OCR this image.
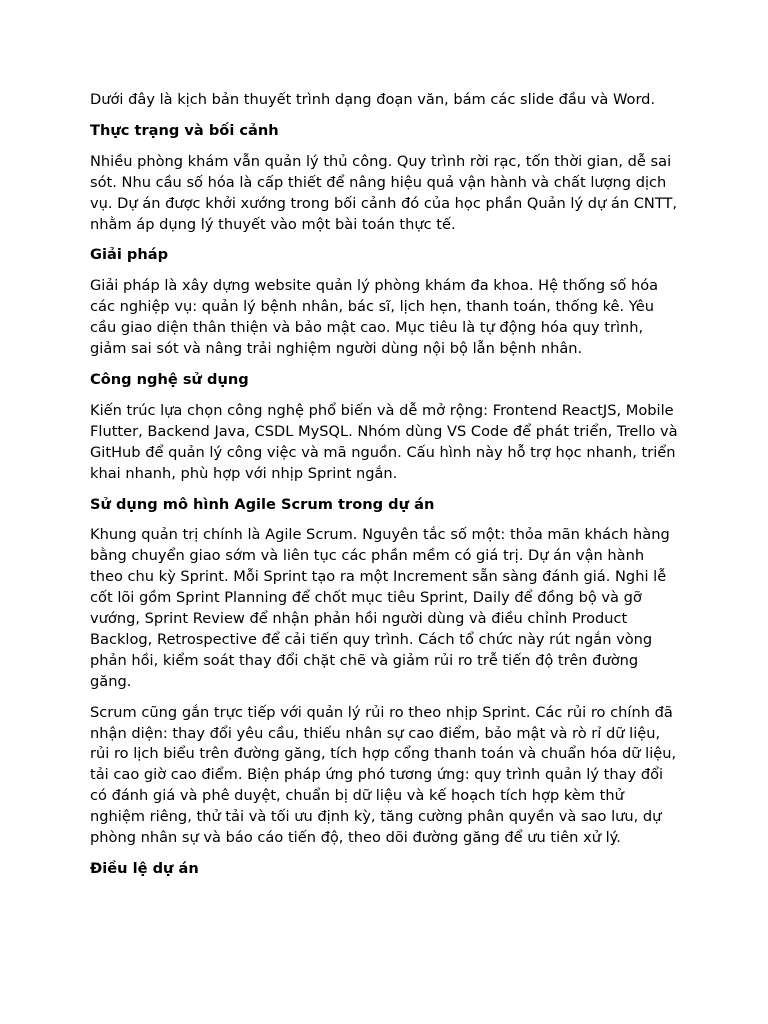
Dưới đây là kịch bản thuyết trình dạng đoạn văn, bám các slide đầu và Word.

Thực trạng và bối cảnh

Nhiều phòng khám vẫn quản lý thủ công. Quy trình rời rạc, tốn thời gian, dễ sai sót. Nhu cầu số hóa là cấp thiết để nâng hiệu quả vận hành và chất lượng dịch vụ. Dự án được khởi xướng trong bối cảnh đó của học phần Quản lý dự án CNTT, nhằm áp dụng lý thuyết vào một bài toán thực tế.

Giải pháp

Giải pháp là xây dựng website quản lý phòng khám đa khoa. Hệ thống số hóa các nghiệp vụ: quản lý bệnh nhân, bác sĩ, lịch hẹn, thanh toán, thống kê. Yêu cầu giao diện thân thiện và bảo mật cao. Mục tiêu là tự động hóa quy trình, giảm sai sót và nâng trải nghiệm người dùng nội bộ lẫn bệnh nhân.

Công nghệ sử dụng

Kiến trúc lựa chọn công nghệ phổ biến và dễ mở rộng: Frontend ReactJS, Mobile Flutter, Backend Java, CSDL MySQL. Nhóm dùng VS Code để phát triển, Trello và GitHub để quản lý công việc và mã nguồn. Cấu hình này hỗ trợ học nhanh, triển khai nhanh, phù hợp với nhịp Sprint ngắn.

Sử dụng mô hình Agile Scrum trong dự án

Khung quản trị chính là Agile Scrum. Nguyên tắc số một: thỏa mãn khách hàng bằng chuyển giao sớm và liên tục các phần mềm có giá trị. Dự án vận hành theo chu kỳ Sprint. Mỗi Sprint tạo ra một Increment sẵn sàng đánh giá. Nghi lễ cốt lõi gồm Sprint Planning để chốt mục tiêu Sprint, Daily để đồng bộ và gỡ vướng, Sprint Review để nhận phản hồi người dùng và điều chỉnh Product Backlog, Retrospective để cải tiến quy trình. Cách tổ chức này rút ngắn vòng phản hồi, kiểm soát thay đổi chặt chẽ và giảm rủi ro trễ tiến độ trên đường găng.

Scrum cũng gắn trực tiếp với quản lý rủi ro theo nhịp Sprint. Các rủi ro chính đã nhận diện: thay đổi yêu cầu, thiếu nhân sự cao điểm, bảo mật và rò rỉ dữ liệu, rủi ro lịch biểu trên đường găng, tích hợp cổng thanh toán và chuẩn hóa dữ liệu, tải cao giờ cao điểm. Biện pháp ứng phó tương ứng: quy trình quản lý thay đổi có đánh giá và phê duyệt, chuẩn bị dữ liệu và kế hoạch tích hợp kèm thử nghiệm riêng, thử tải và tối ưu định kỳ, tăng cường phân quyền và sao lưu, dự phòng nhân sự và báo cáo tiến độ, theo dõi đường găng để ưu tiên xử lý.

Điều lệ dự án
